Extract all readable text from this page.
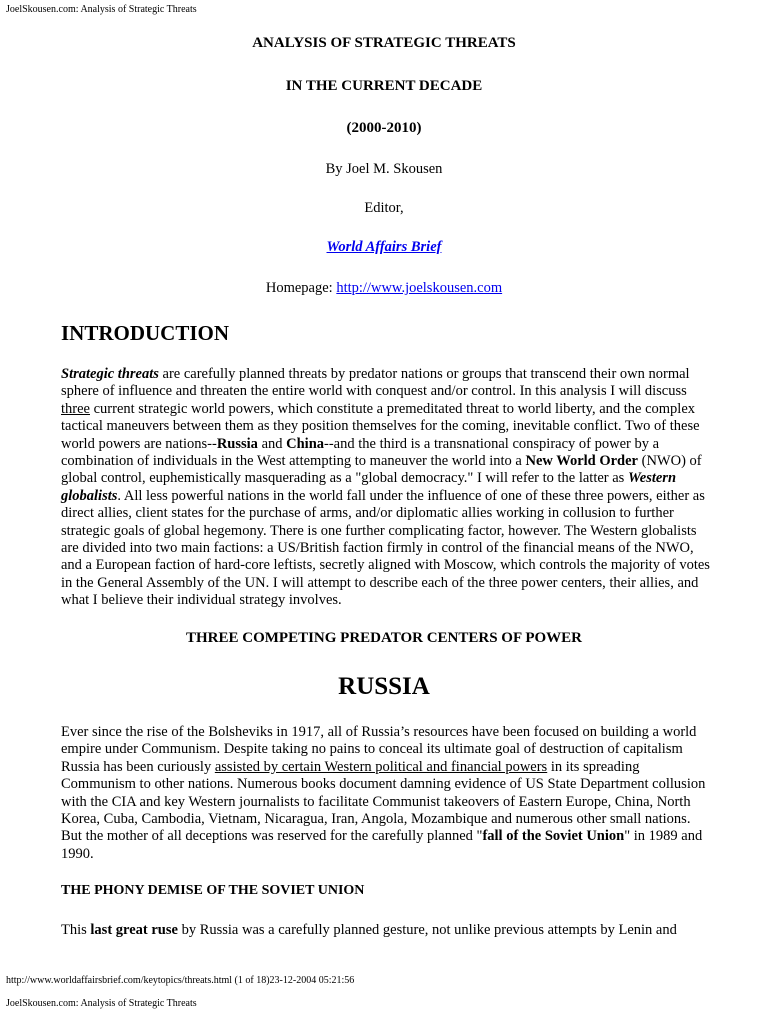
JoelSkousen.com: Analysis of Strategic Threats
ANALYSIS OF STRATEGIC THREATS
IN THE CURRENT DECADE
(2000-2010)
By Joel M. Skousen
Editor,
World Affairs Brief
Homepage: http://www.joelskousen.com
INTRODUCTION
Strategic threats are carefully planned threats by predator nations or groups that transcend their own normal
sphere of influence and threaten the entire world with conquest and/or control. In this analysis I will discuss
three current strategic world powers, which constitute a premeditated threat to world liberty, and the complex
tactical maneuvers between them as they position themselves for the coming, inevitable conflict. Two of these
world powers are nations--Russia and China--and the third is a transnational conspiracy of power by a
combination of individuals in the West attempting to maneuver the world into a New World Order (NWO) of
global control, euphemistically masquerading as a "global democracy." I will refer to the latter as Western
globalists. All less powerful nations in the world fall under the influence of one of these three powers, either as
direct allies, client states for the purchase of arms, and/or diplomatic allies working in collusion to further
strategic goals of global hegemony. There is one further complicating factor, however. The Western globalists
are divided into two main factions: a US/British faction firmly in control of the financial means of the NWO,
and a European faction of hard-core leftists, secretly aligned with Moscow, which controls the majority of votes
in the General Assembly of the UN. I will attempt to describe each of the three power centers, their allies, and
what I believe their individual strategy involves.
THREE COMPETING PREDATOR CENTERS OF POWER
RUSSIA
Ever since the rise of the Bolsheviks in 1917, all of Russia’s resources have been focused on building a world
empire under Communism. Despite taking no pains to conceal its ultimate goal of destruction of capitalism
Russia has been curiously assisted by certain Western political and financial powers in its spreading
Communism to other nations. Numerous books document damning evidence of US State Department collusion
with the CIA and key Western journalists to facilitate Communist takeovers of Eastern Europe, China, North
Korea, Cuba, Cambodia, Vietnam, Nicaragua, Iran, Angola, Mozambique and numerous other small nations.
But the mother of all deceptions was reserved for the carefully planned "fall of the Soviet Union" in 1989 and
1990.
THE PHONY DEMISE OF THE SOVIET UNION
This last great ruse by Russia was a carefully planned gesture, not unlike previous attempts by Lenin and
http://www.worldaffairsbrief.com/keytopics/threats.html (1 of 18)23-12-2004 05:21:56
JoelSkousen.com: Analysis of Strategic Threats
